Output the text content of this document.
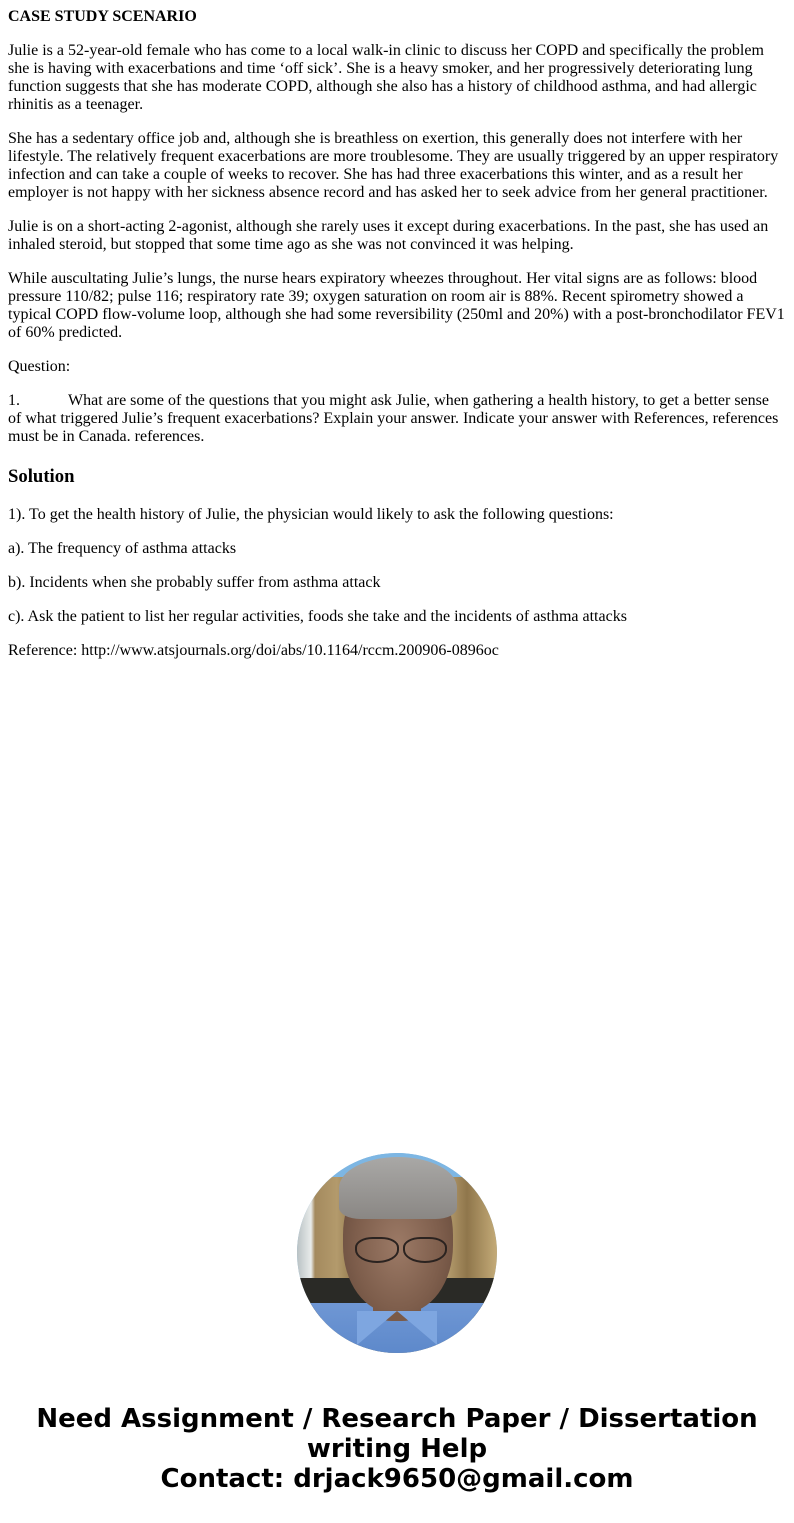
CASE STUDY SCENARIO

Julie is a 52-year-old female who has come to a local walk-in clinic to discuss her COPD and specifically the problem she is having with exacerbations and time ‘off sick’. She is a heavy smoker, and her progressively deteriorating lung function suggests that she has moderate COPD, although she also has a history of childhood asthma, and had allergic rhinitis as a teenager.

She has a sedentary office job and, although she is breathless on exertion, this generally does not interfere with her lifestyle. The relatively frequent exacerbations are more troublesome. They are usually triggered by an upper respiratory infection and can take a couple of weeks to recover. She has had three exacerbations this winter, and as a result her employer is not happy with her sickness absence record and has asked her to seek advice from her general practitioner.

Julie is on a short-acting 2-agonist, although she rarely uses it except during exacerbations. In the past, she has used an inhaled steroid, but stopped that some time ago as she was not convinced it was helping.

While auscultating Julie’s lungs, the nurse hears expiratory wheezes throughout. Her vital signs are as follows: blood pressure 110/82; pulse 116; respiratory rate 39; oxygen saturation on room air is 88%. Recent spirometry showed a typical COPD flow-volume loop, although she had some reversibility (250ml and 20%) with a post-bronchodilator FEV1 of 60% predicted.

Question:

1.	What are some of the questions that you might ask Julie, when gathering a health history, to get a better sense of what triggered Julie’s frequent exacerbations? Explain your answer. Indicate your answer with References, references must be in Canada. references.

Solution

1). To get the health history of Julie, the physician would likely to ask the following questions:

a). The frequency of asthma attacks

b). Incidents when she probably suffer from asthma attack

c). Ask the patient to list her regular activities, foods she take and the incidents of asthma attacks

Reference: http://www.atsjournals.org/doi/abs/10.1164/rccm.200906-0896oc

Need Assignment / Research Paper / Dissertation
writing Help
Contact: drjack9650@gmail.com
